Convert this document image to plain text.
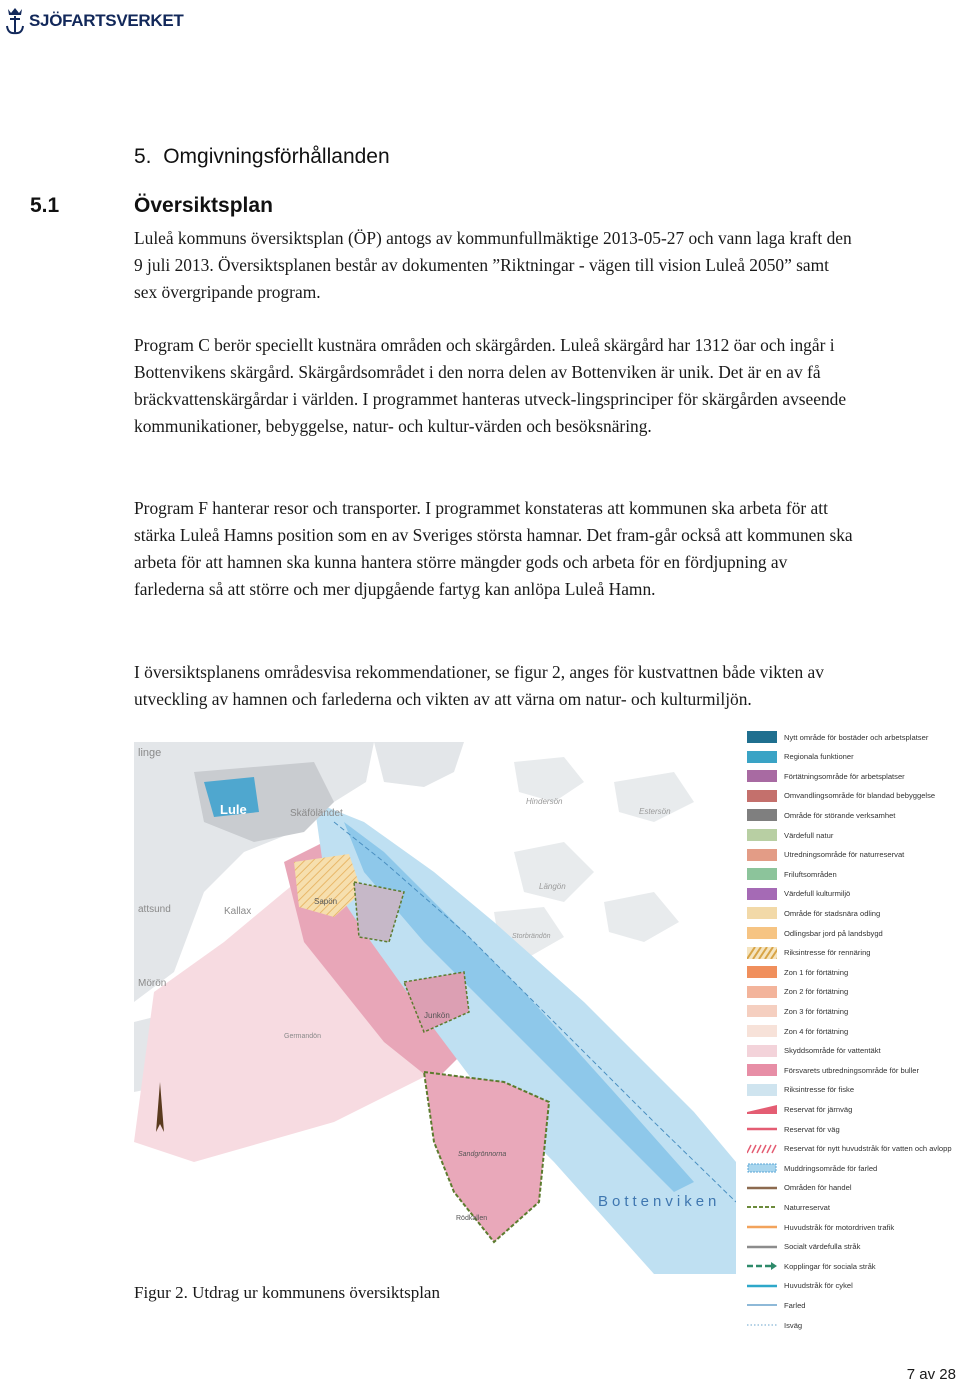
SJÖFARTSVERKET
5. Omgivningsförhållanden
5.1	Översiktsplan

Luleå kommuns översiktsplan (ÖP) antogs av kommunfullmäktige 2013-05-27 och vann laga kraft den 9 juli 2013. Översiktsplanen består av dokumenten ”Riktningar - vägen till vision Luleå 2050” samt sex övergripande program.

Program C berör speciellt kustnära områden och skärgården. Luleå skärgård har 1312 öar och ingår i Bottenvikens skärgård. Skärgårdsområdet i den norra delen av Bottenviken är unik. Det är en av få bräckvattenskärgårdar i världen. I programmet hanteras utveck-lingsprinciper för skärgården avseende kommunikationer, bebyggelse, natur- och kultur-värden och besöksnäring.

Program F hanterar resor och transporter. I programmet konstateras att kommunen ska arbeta för att stärka Luleå Hamns position som en av Sveriges största hamnar. Det fram-går också att kommunen ska arbeta för att hamnen ska kunna hantera större mängder gods och arbeta för en fördjupning av farlederna så att större och mer djupgående fartyg kan anlöpa Luleå Hamn.

I översiktsplanens områdesvisa rekommendationer, se figur 2, anges för kustvattnen både vikten av utveckling av hamnen och farlederna och vikten av att värna om natur- och kulturmiljön.

linge
Lule	Skäföländet
attsund	Kallax
Mörön
Sapön
Junkön
Germandön
Hindersön
Estersön
Längön
Storbrändön
Sandgrönnorna
Rödkallen
Bottenviken
Nytt område för bostäder och arbetsplatser
Regionala funktioner
Förtätningsområde för arbetsplatser
Omvandlingsområde för blandad bebyggelse
Område för störande verksamhet
Värdefull natur
Utredningsområde för naturreservat
Friluftsområden
Värdefull kulturmiljö
Område för stadsnära odling
Odlingsbar jord på landsbygd
Riksintresse för rennäring
Zon 1 för förtätning
Zon 2 för förtätning
Zon 3 för förtätning
Zon 4 för förtätning
Skyddsområde för vattentäkt
Försvarets utbredningsområde för buller
Riksintresse för fiske
Reservat för järnväg
Reservat för väg
Reservat för nytt huvudstråk för vatten och avlopp
Muddringsområde för farled
Områden för handel
Naturreservat
Huvudstråk för motordriven trafik
Socialt värdefulla stråk
Kopplingar för sociala stråk
Huvudstråk för cykel
Farled
Isväg

Figur 2. Utdrag ur kommunens översiktsplan

7 av 28
